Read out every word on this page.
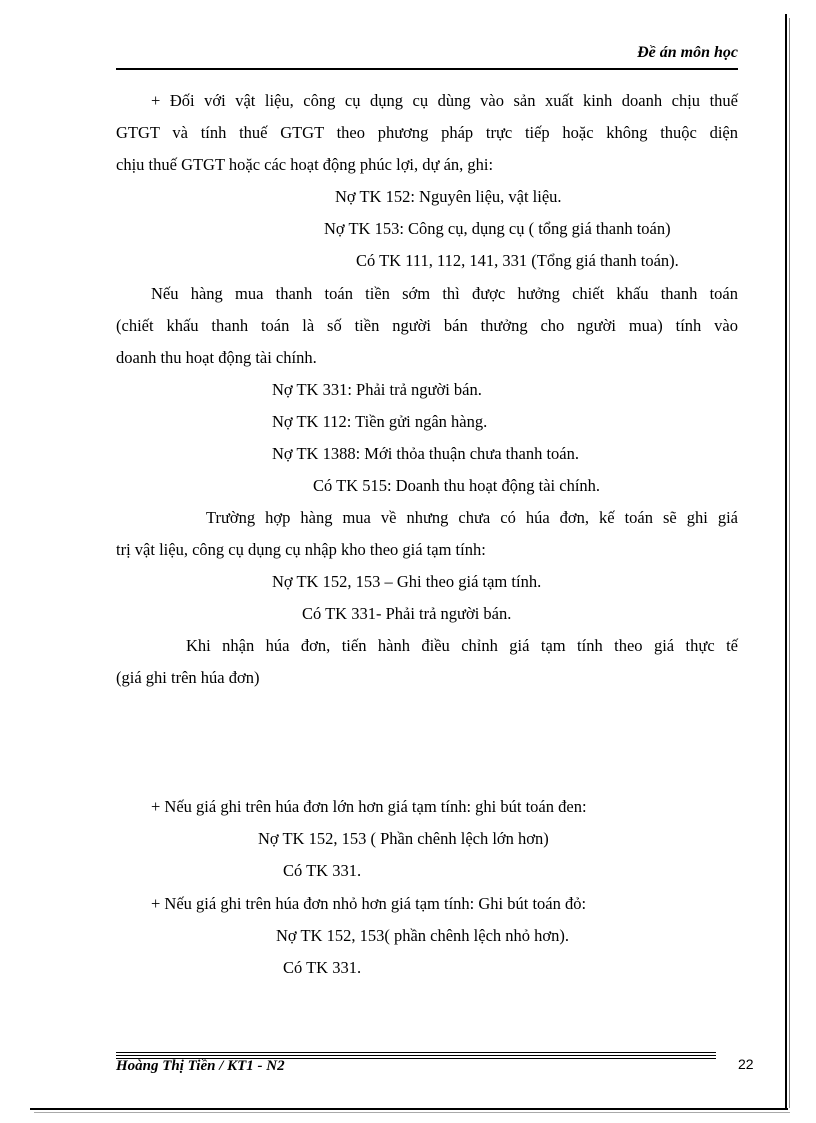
Đề án môn học
+ Đối với vật liệu, công cụ dụng cụ dùng vào sản xuất kinh doanh chịu thuế
GTGT và tính thuế GTGT theo phương pháp trực tiếp hoặc không thuộc diện
chịu thuế GTGT hoặc các hoạt động phúc lợi, dự án, ghi:
Nợ TK 152: Nguyên liệu, vật liệu.
Nợ TK 153: Công cụ, dụng cụ ( tổng giá thanh toán)
Có TK 111, 112, 141, 331 (Tổng giá thanh toán).
Nếu hàng mua thanh toán tiền sớm thì được hưởng chiết khấu thanh toán
(chiết khấu thanh toán là số tiền người bán thưởng cho người mua) tính vào
doanh thu hoạt động tài chính.
Nợ TK 331: Phải trả người bán.
Nợ TK 112: Tiền gửi ngân hàng.
Nợ TK 1388: Mới thỏa thuận chưa thanh toán.
Có TK 515: Doanh thu hoạt động tài chính.
Trường hợp hàng mua về nhưng chưa có húa đơn, kế toán sẽ ghi giá
trị vật liệu, công cụ dụng cụ nhập kho theo giá tạm tính:
Nợ TK 152, 153 – Ghi theo giá tạm tính.
Có TK 331- Phải trả người bán.
Khi nhận húa đơn, tiến hành điều chỉnh giá tạm tính theo giá thực tế
(giá ghi trên húa đơn)
+ Nếu giá ghi trên húa đơn lớn hơn giá tạm tính: ghi bút toán đen:
Nợ TK 152, 153 ( Phần chênh lệch lớn hơn)
Có TK 331.
+ Nếu giá ghi trên húa đơn nhỏ hơn giá tạm tính: Ghi bút toán đỏ:
Nợ TK 152, 153( phần chênh lệch nhỏ hơn).
Có TK 331.
Hoàng Thị Tiền / KT1 - N2	22
